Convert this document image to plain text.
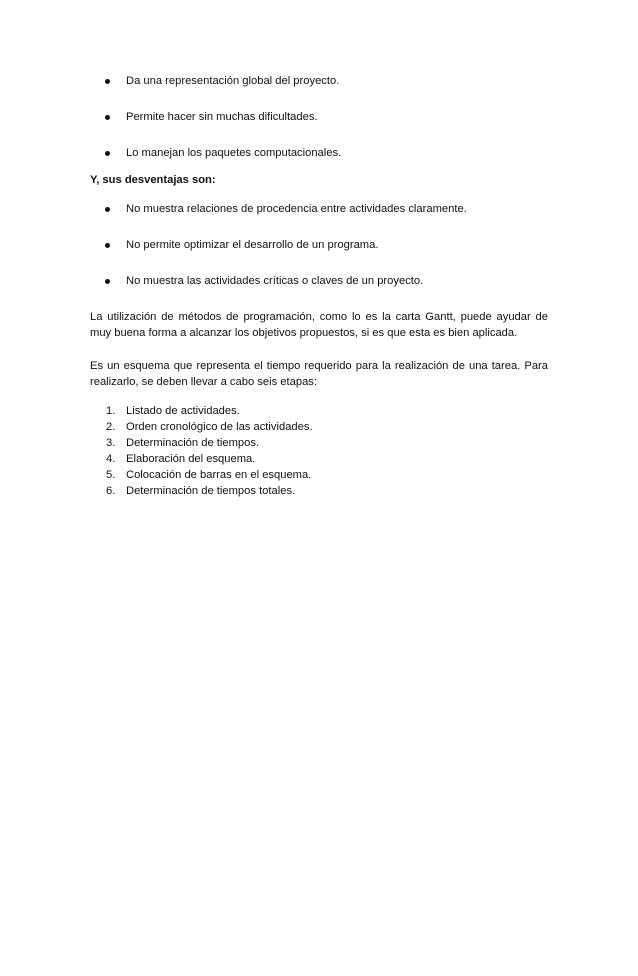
Da una representación global del proyecto.
Permite hacer sin muchas dificultades.
Lo manejan los paquetes computacionales.
Y, sus desventajas son:
No muestra relaciones de procedencia entre actividades claramente.
No permite optimizar el desarrollo de un programa.
No muestra las actividades críticas o claves de un proyecto.

La utilización de métodos de programación, como lo es la carta Gantt, puede ayudar de muy buena forma a alcanzar los objetivos propuestos, si es que esta es bien aplicada.

Es un esquema que representa el tiempo requerido para la realización de una tarea. Para realizarlo, se deben llevar a cabo seis etapas:

1. Listado de actividades.
2. Orden cronológico de las actividades.
3. Determinación de tiempos.
4. Elaboración del esquema.
5. Colocación de barras en el esquema.
6. Determinación de tiempos totales.
